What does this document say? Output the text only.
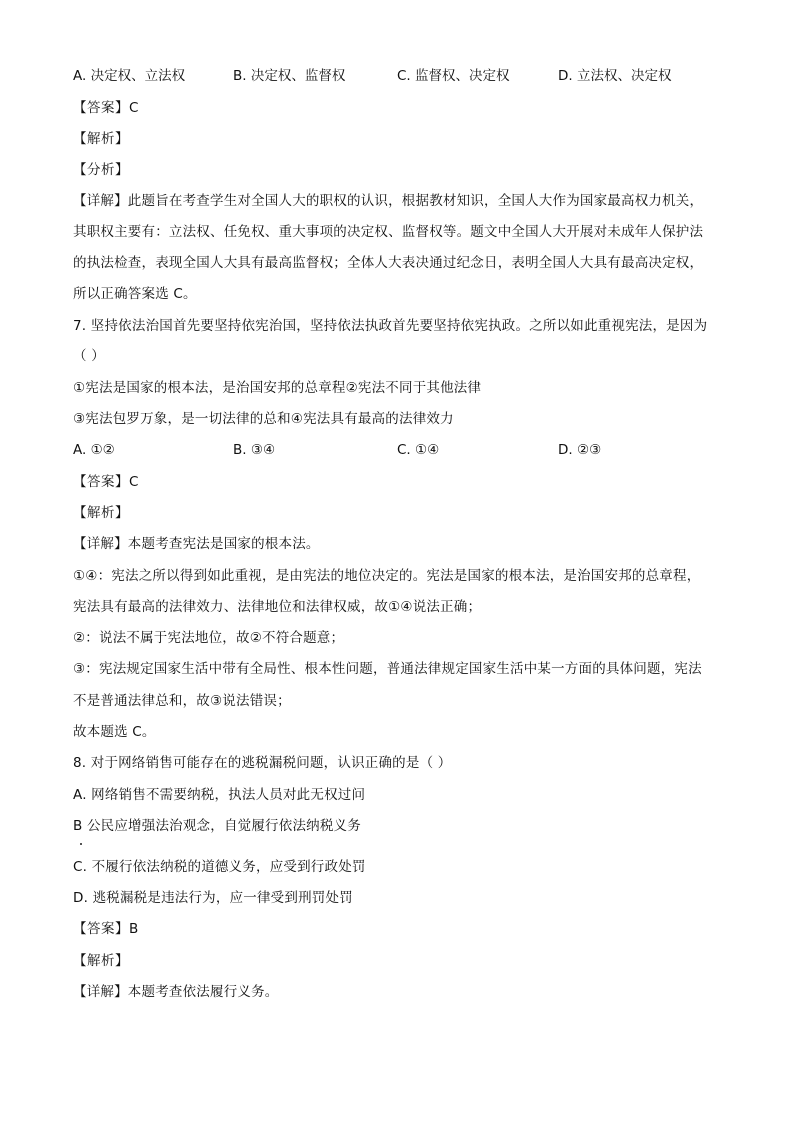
A. 决定权、立法权	B. 决定权、监督权	C. 监督权、决定权	D. 立法权、决定权
【答案】C
【解析】
【分析】
【详解】此题旨在考查学生对全国人大的职权的认识，根据教材知识，全国人大作为国家最高权力机关，
其职权主要有：立法权、任免权、重大事项的决定权、监督权等。题文中全国人大开展对未成年人保护法
的执法检查，表现全国人大具有最高监督权；全体人大表决通过纪念日，表明全国人大具有最高决定权，
所以正确答案选 C。
7. 坚持依法治国首先要坚持依宪治国，坚持依法执政首先要坚持依宪执政。之所以如此重视宪法，是因为
（ ）
①宪法是国家的根本法，是治国安邦的总章程②宪法不同于其他法律
③宪法包罗万象，是一切法律的总和④宪法具有最高的法律效力
A. ①②	B. ③④	C. ①④	D. ②③
【答案】C
【解析】
【详解】本题考查宪法是国家的根本法。
①④：宪法之所以得到如此重视，是由宪法的地位决定的。宪法是国家的根本法，是治国安邦的总章程，
宪法具有最高的法律效力、法律地位和法律权威，故①④说法正确；
②：说法不属于宪法地位，故②不符合题意；
③：宪法规定国家生活中带有全局性、根本性问题，普通法律规定国家生活中某一方面的具体问题，宪法
不是普通法律总和，故③说法错误；
故本题选 C。
8. 对于网络销售可能存在的逃税漏税问题，认识正确的是（ ）
A. 网络销售不需要纳税，执法人员对此无权过问
B 公民应增强法治观念，自觉履行依法纳税义务
C. 不履行依法纳税的道德义务，应受到行政处罚
D. 逃税漏税是违法行为，应一律受到刑罚处罚
【答案】B
【解析】
【详解】本题考查依法履行义务。
